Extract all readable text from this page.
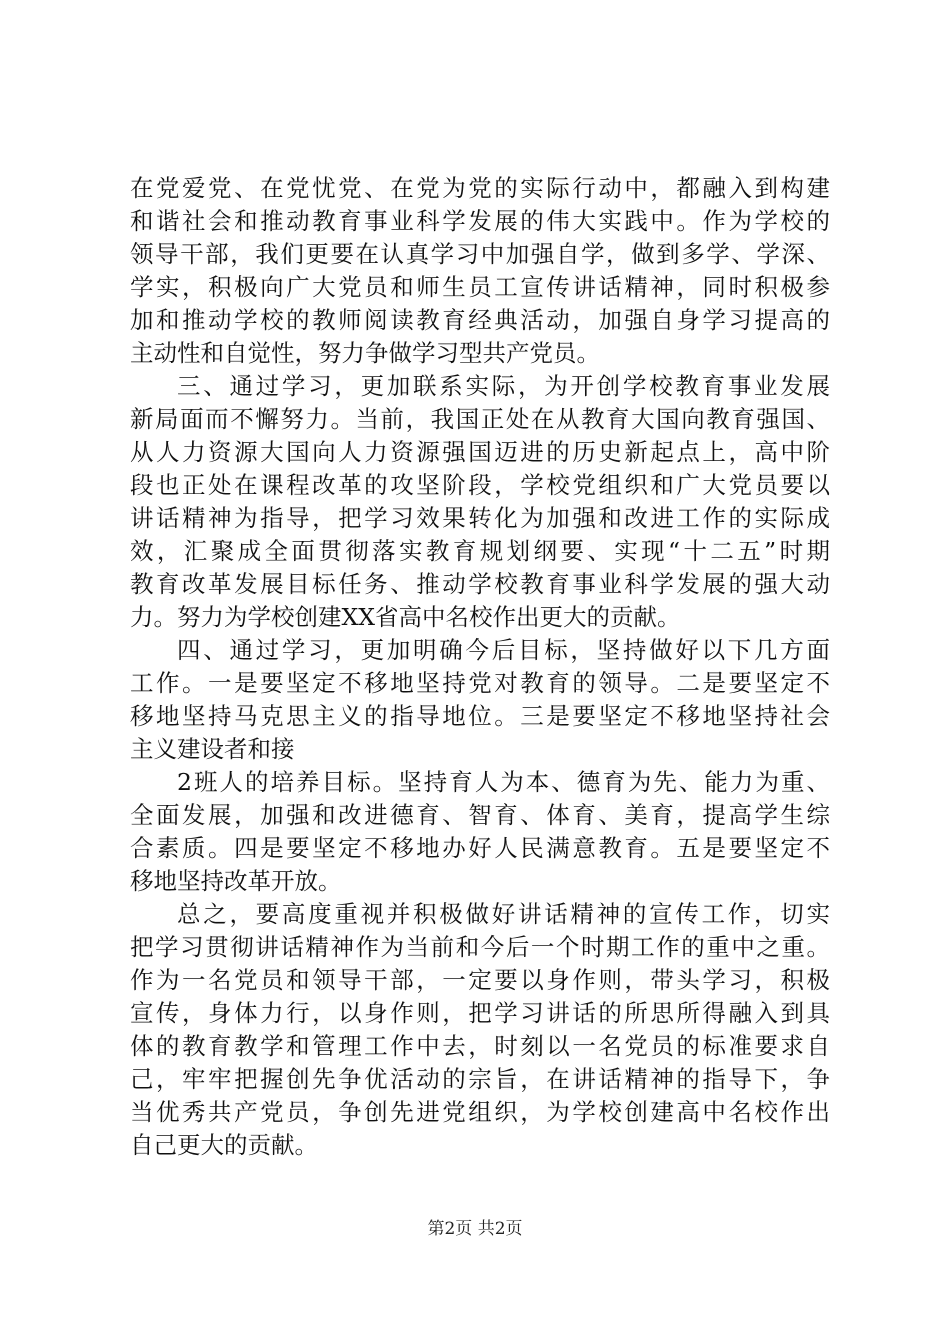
在党爱党、在党忧党、在党为党的实际行动中，都融入到构建
和谐社会和推动教育事业科学发展的伟大实践中。作为学校的
领导干部，我们更要在认真学习中加强自学，做到多学、学深、
学实，积极向广大党员和师生员工宣传讲话精神，同时积极参
加和推动学校的教师阅读教育经典活动，加强自身学习提高的
主动性和自觉性，努力争做学习型共产党员。
三、通过学习，更加联系实际，为开创学校教育事业发展
新局面而不懈努力。当前，我国正处在从教育大国向教育强国、
从人力资源大国向人力资源强国迈进的历史新起点上，高中阶
段也正处在课程改革的攻坚阶段，学校党组织和广大党员要以
讲话精神为指导，把学习效果转化为加强和改进工作的实际成
效，汇聚成全面贯彻落实教育规划纲要、实现“十二五”时期
教育改革发展目标任务、推动学校教育事业科学发展的强大动
力。努力为学校创建XX省高中名校作出更大的贡献。
四、通过学习，更加明确今后目标，坚持做好以下几方面
工作。一是要坚定不移地坚持党对教育的领导。二是要坚定不
移地坚持马克思主义的指导地位。三是要坚定不移地坚持社会
主义建设者和接
2班人的培养目标。坚持育人为本、德育为先、能力为重、
全面发展，加强和改进德育、智育、体育、美育，提高学生综
合素质。四是要坚定不移地办好人民满意教育。五是要坚定不
移地坚持改革开放。
总之，要高度重视并积极做好讲话精神的宣传工作，切实
把学习贯彻讲话精神作为当前和今后一个时期工作的重中之重。
作为一名党员和领导干部，一定要以身作则，带头学习，积极
宣传，身体力行，以身作则，把学习讲话的所思所得融入到具
体的教育教学和管理工作中去，时刻以一名党员的标准要求自
己，牢牢把握创先争优活动的宗旨，在讲话精神的指导下，争
当优秀共产党员，争创先进党组织，为学校创建高中名校作出
自己更大的贡献。
第2页 共2页
